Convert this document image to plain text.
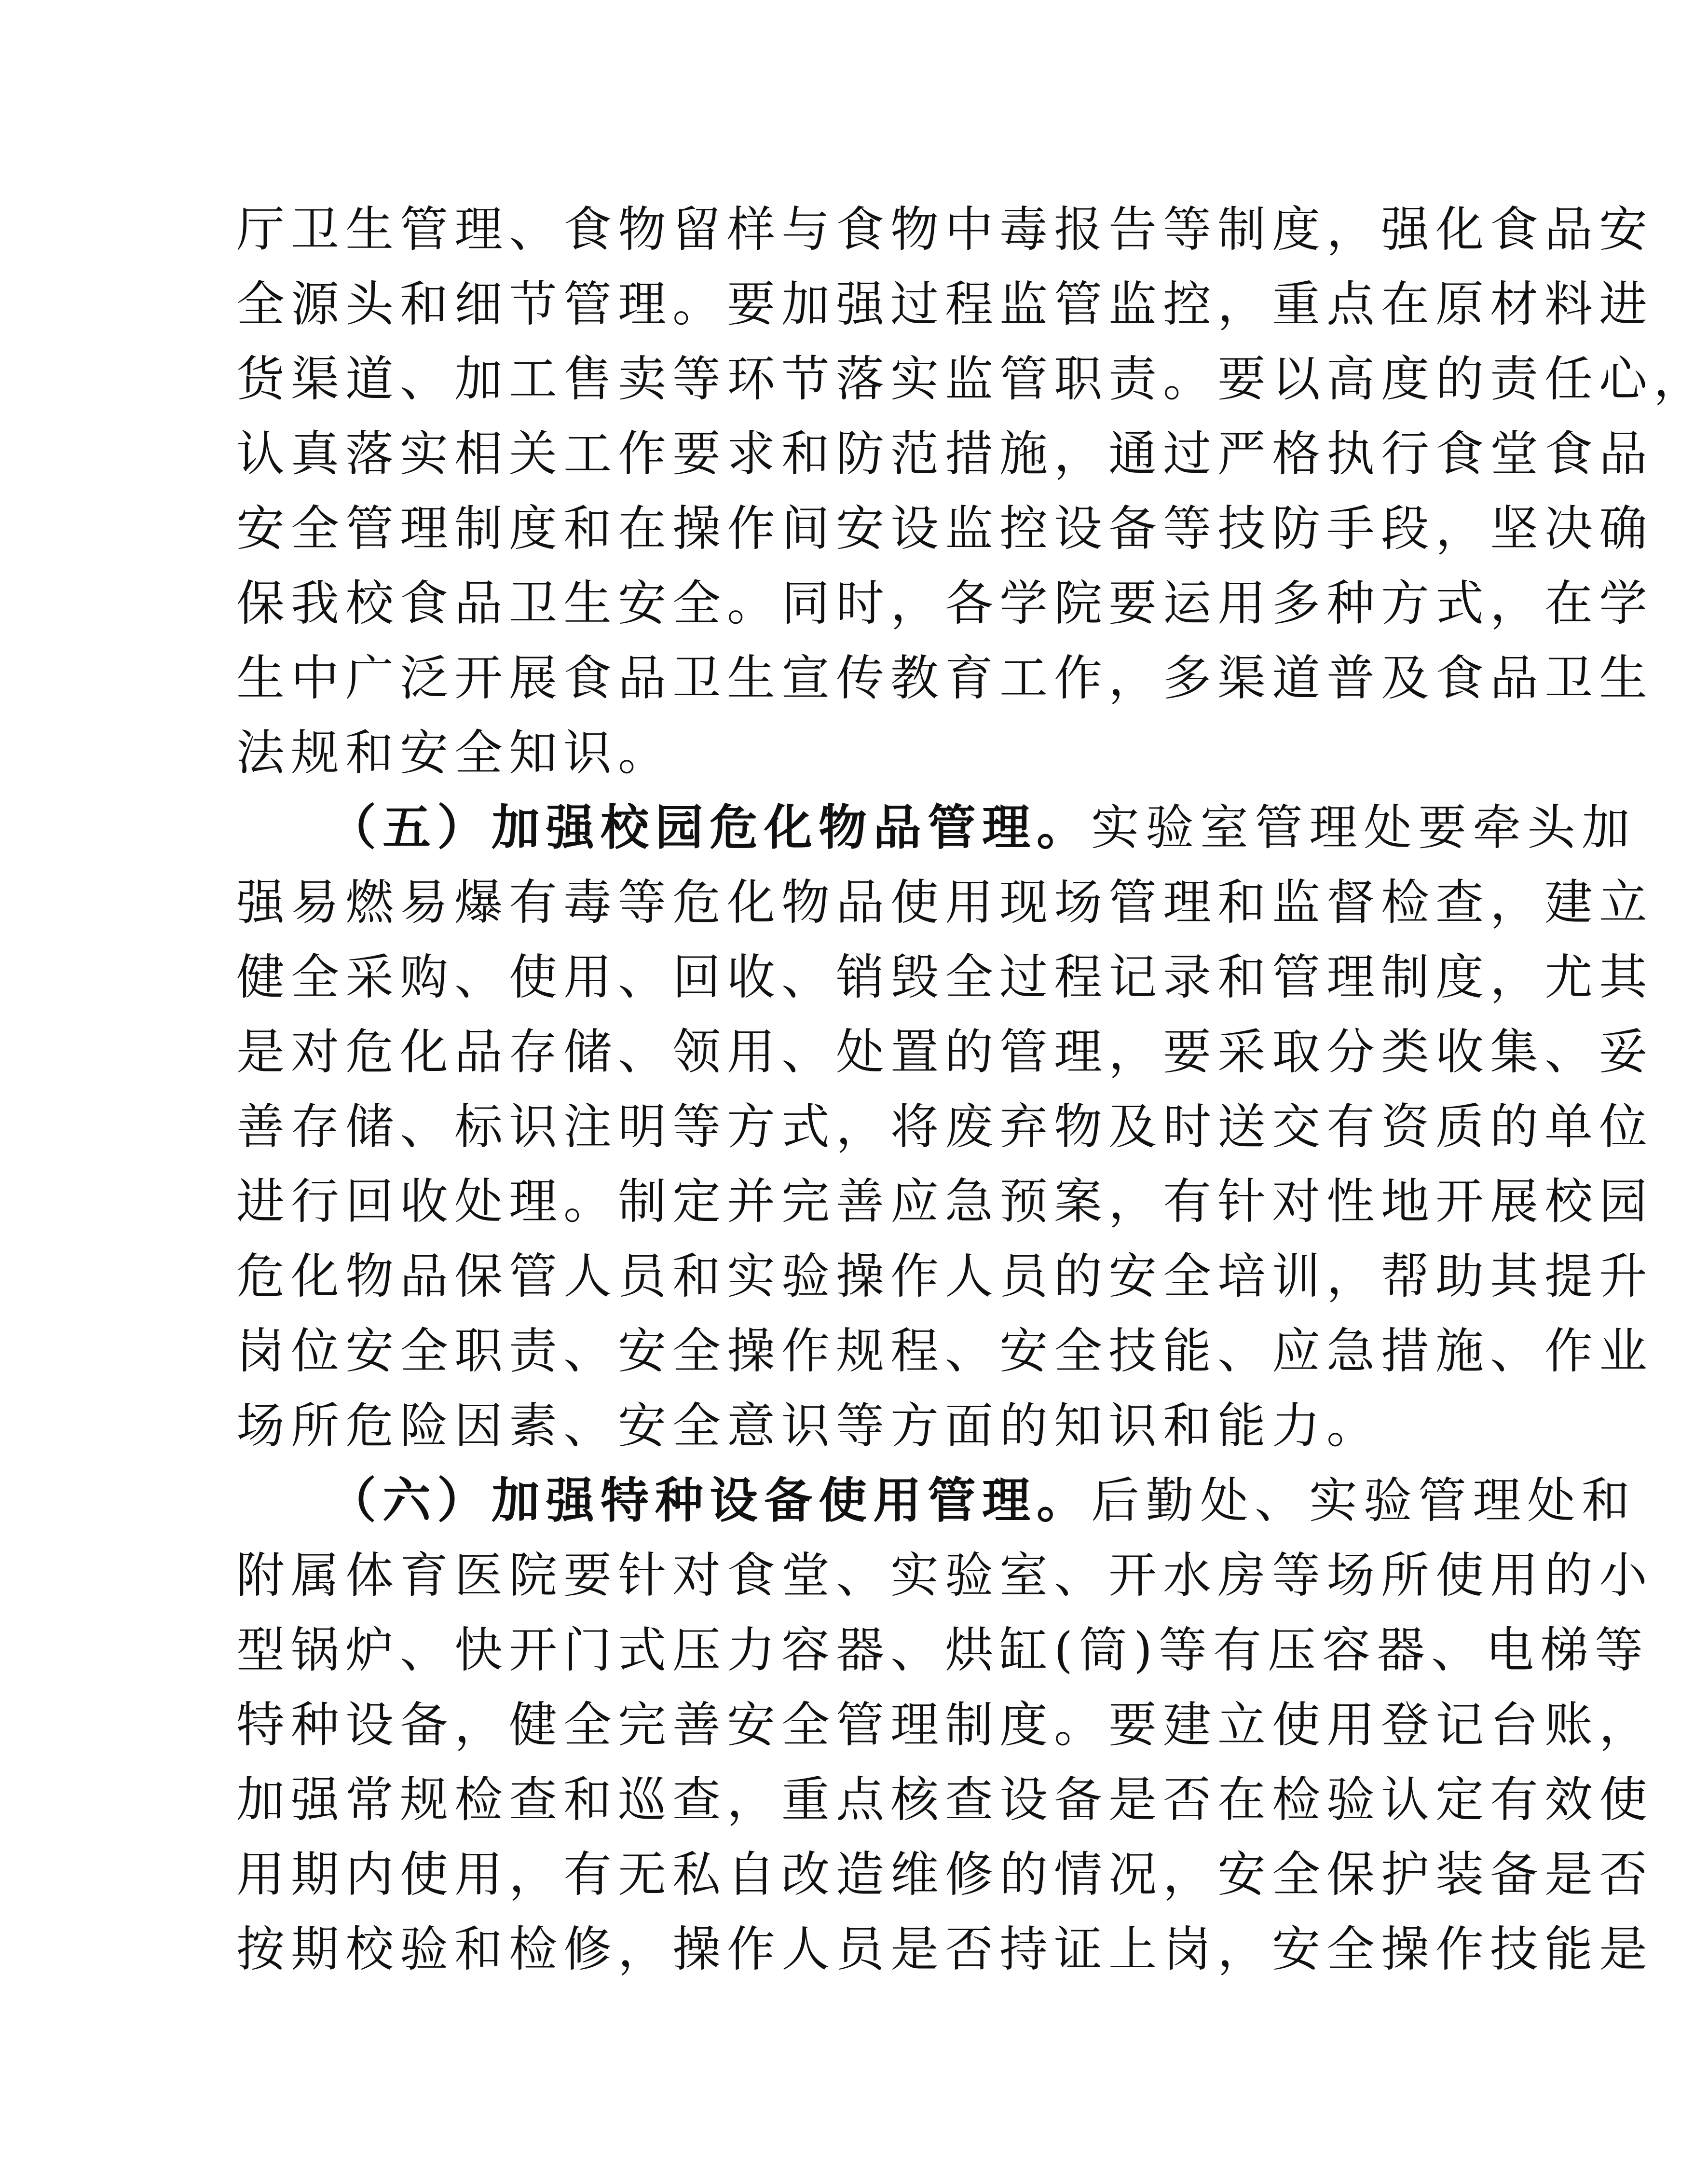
厅卫生管理、食物留样与食物中毒报告等制度，强化食品安
全源头和细节管理。要加强过程监管监控，重点在原材料进
货渠道、加工售卖等环节落实监管职责。要以高度的责任心，
认真落实相关工作要求和防范措施，通过严格执行食堂食品
安全管理制度和在操作间安设监控设备等技防手段，坚决确
保我校食品卫生安全。同时，各学院要运用多种方式，在学
生中广泛开展食品卫生宣传教育工作，多渠道普及食品卫生
法规和安全知识。
（五）加强校园危化物品管理。实验室管理处要牵头加
强易燃易爆有毒等危化物品使用现场管理和监督检查，建立
健全采购、使用、回收、销毁全过程记录和管理制度，尤其
是对危化品存储、领用、处置的管理，要采取分类收集、妥
善存储、标识注明等方式，将废弃物及时送交有资质的单位
进行回收处理。制定并完善应急预案，有针对性地开展校园
危化物品保管人员和实验操作人员的安全培训，帮助其提升
岗位安全职责、安全操作规程、安全技能、应急措施、作业
场所危险因素、安全意识等方面的知识和能力。
（六）加强特种设备使用管理。后勤处、实验管理处和
附属体育医院要针对食堂、实验室、开水房等场所使用的小
型锅炉、快开门式压力容器、烘缸(筒)等有压容器、电梯等
特种设备，健全完善安全管理制度。要建立使用登记台账，
加强常规检查和巡查，重点核查设备是否在检验认定有效使
用期内使用，有无私自改造维修的情况，安全保护装备是否
按期校验和检修，操作人员是否持证上岗，安全操作技能是
